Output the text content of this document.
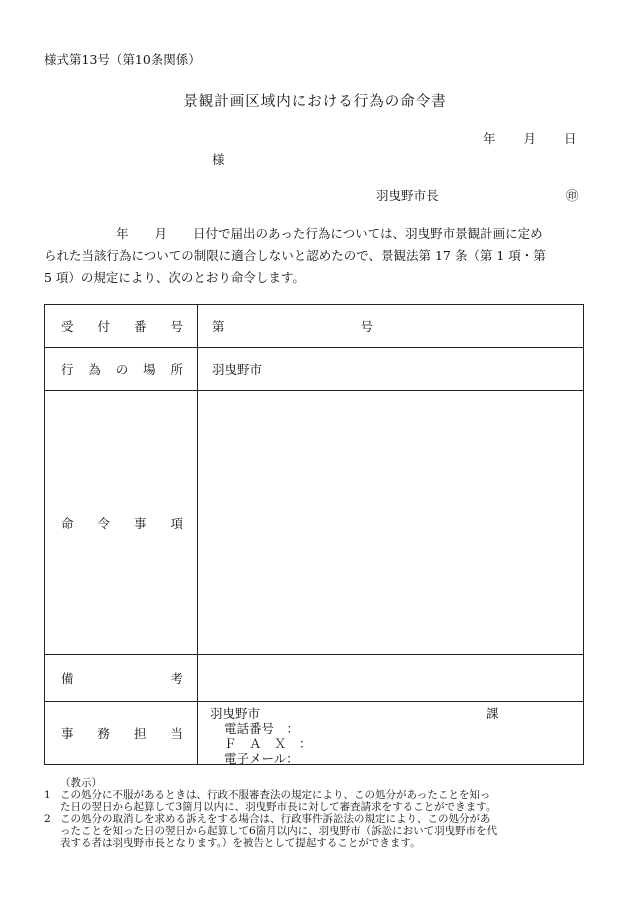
様式第13号（第10条関係）
景観計画区域内における行為の命令書
年 月 日
様
羽曳野市長	㊞
年 月 日付で届出のあった行為については、羽曳野市景観計画に定め
られた当該行為についての制限に適合しないと認めたので、景観法第 17 条（第 1 項・第
5 項）の規定により、次のとおり命令します。
受 付 番 号	第 号

行 為 の 場 所	羽曳野市

命 令 事 項	

備 考	

事 務 担 当	羽曳野市 課
電話番号　：
Ｆ　Ａ　Ｘ　：
電子メール：
（教示）
1 この処分に不服があるときは、行政不服審査法の規定により、この処分があったことを知っ
た日の翌日から起算して3箇月以内に、羽曳野市長に対して審査請求をすることができます。
2 この処分の取消しを求める訴えをする場合は、行政事件訴訟法の規定により、この処分があ
ったことを知った日の翌日から起算して6箇月以内に、羽曳野市（訴訟において羽曳野市を代
表する者は羽曳野市長となります。）を被告として提起することができます。
